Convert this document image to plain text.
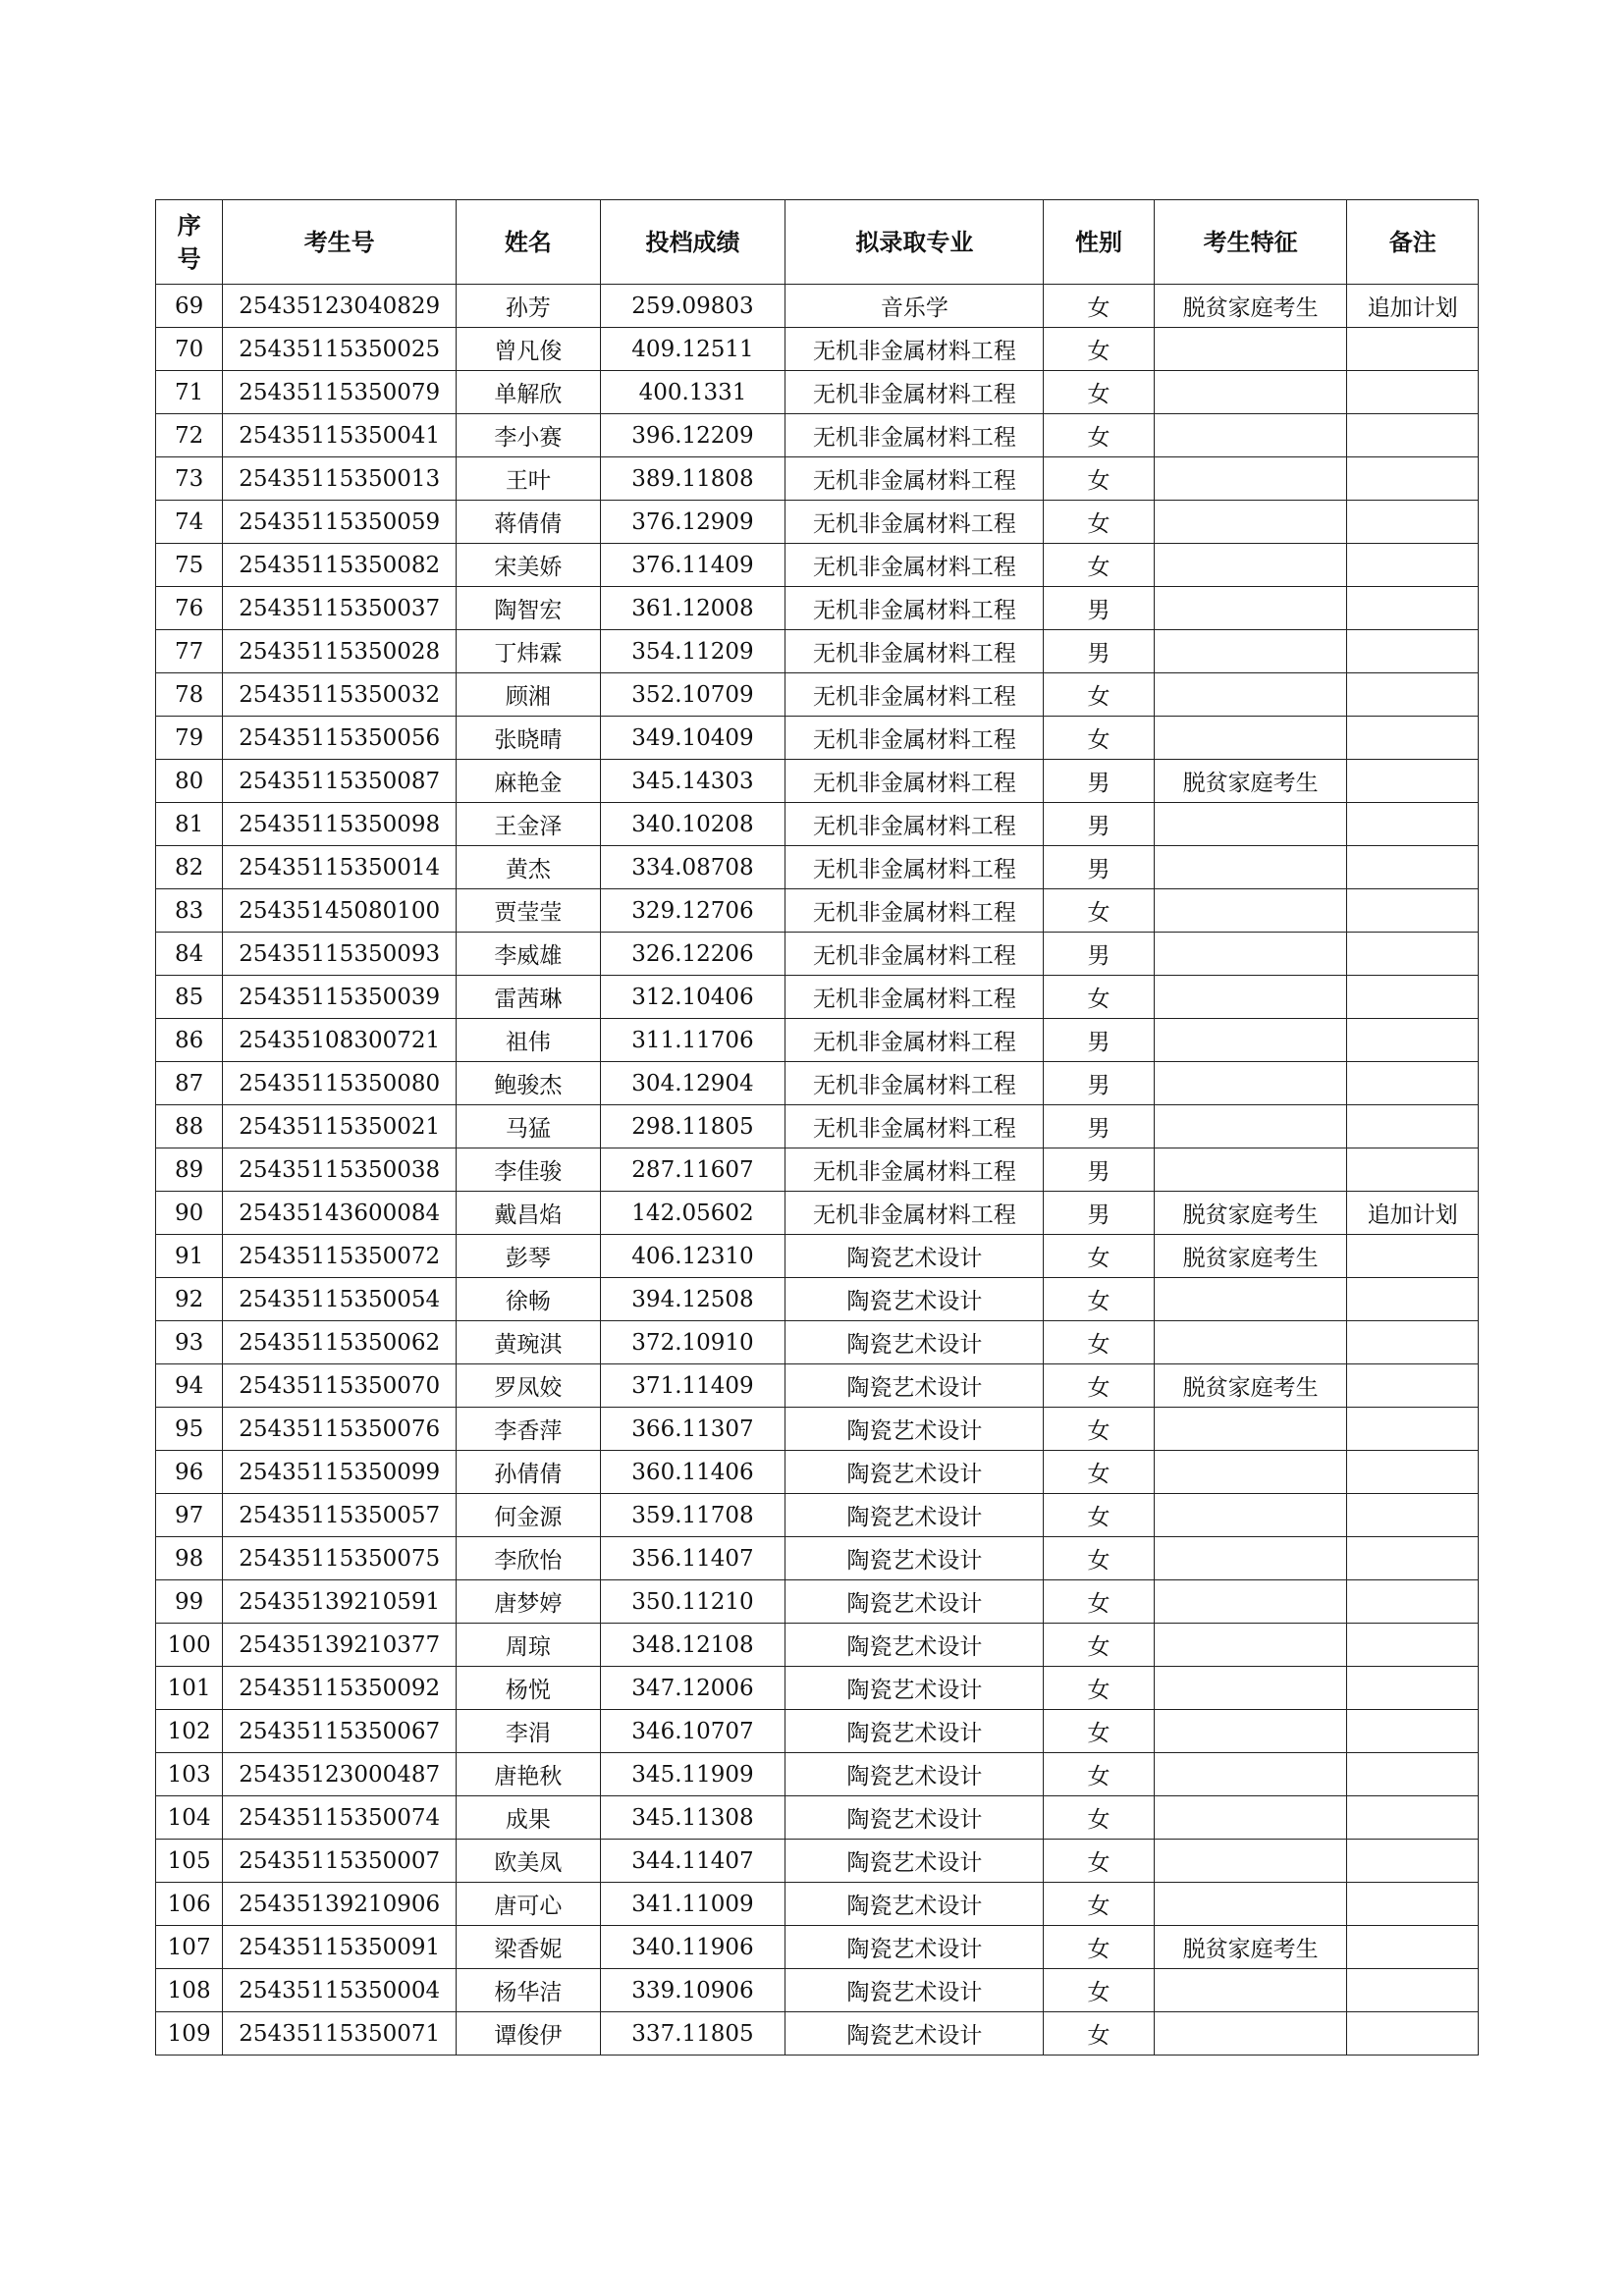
序
号	考生号	姓名	投档成绩	拟录取专业	性别	考生特征	备注
69	25435123040829	孙芳	259.09803	音乐学	女	脱贫家庭考生	追加计划
70	25435115350025	曾凡俊	409.12511	无机非金属材料工程	女		
71	25435115350079	单解欣	400.1331	无机非金属材料工程	女		
72	25435115350041	李小赛	396.12209	无机非金属材料工程	女		
73	25435115350013	王叶	389.11808	无机非金属材料工程	女		
74	25435115350059	蒋倩倩	376.12909	无机非金属材料工程	女		
75	25435115350082	宋美娇	376.11409	无机非金属材料工程	女		
76	25435115350037	陶智宏	361.12008	无机非金属材料工程	男		
77	25435115350028	丁炜霖	354.11209	无机非金属材料工程	男		
78	25435115350032	顾湘	352.10709	无机非金属材料工程	女		
79	25435115350056	张晓晴	349.10409	无机非金属材料工程	女		
80	25435115350087	麻艳金	345.14303	无机非金属材料工程	男	脱贫家庭考生	
81	25435115350098	王金泽	340.10208	无机非金属材料工程	男		
82	25435115350014	黄杰	334.08708	无机非金属材料工程	男		
83	25435145080100	贾莹莹	329.12706	无机非金属材料工程	女		
84	25435115350093	李威雄	326.12206	无机非金属材料工程	男		
85	25435115350039	雷茜琳	312.10406	无机非金属材料工程	女		
86	25435108300721	祖伟	311.11706	无机非金属材料工程	男		
87	25435115350080	鲍骏杰	304.12904	无机非金属材料工程	男		
88	25435115350021	马猛	298.11805	无机非金属材料工程	男		
89	25435115350038	李佳骏	287.11607	无机非金属材料工程	男		
90	25435143600084	戴昌焰	142.05602	无机非金属材料工程	男	脱贫家庭考生	追加计划
91	25435115350072	彭琴	406.12310	陶瓷艺术设计	女	脱贫家庭考生	
92	25435115350054	徐畅	394.12508	陶瓷艺术设计	女		
93	25435115350062	黄琬淇	372.10910	陶瓷艺术设计	女		
94	25435115350070	罗凤姣	371.11409	陶瓷艺术设计	女	脱贫家庭考生	
95	25435115350076	李香萍	366.11307	陶瓷艺术设计	女		
96	25435115350099	孙倩倩	360.11406	陶瓷艺术设计	女		
97	25435115350057	何金源	359.11708	陶瓷艺术设计	女		
98	25435115350075	李欣怡	356.11407	陶瓷艺术设计	女		
99	25435139210591	唐梦婷	350.11210	陶瓷艺术设计	女		
100	25435139210377	周琼	348.12108	陶瓷艺术设计	女		
101	25435115350092	杨悦	347.12006	陶瓷艺术设计	女		
102	25435115350067	李涓	346.10707	陶瓷艺术设计	女		
103	25435123000487	唐艳秋	345.11909	陶瓷艺术设计	女		
104	25435115350074	成果	345.11308	陶瓷艺术设计	女		
105	25435115350007	欧美凤	344.11407	陶瓷艺术设计	女		
106	25435139210906	唐可心	341.11009	陶瓷艺术设计	女		
107	25435115350091	梁香妮	340.11906	陶瓷艺术设计	女	脱贫家庭考生	
108	25435115350004	杨华洁	339.10906	陶瓷艺术设计	女		
109	25435115350071	谭俊伊	337.11805	陶瓷艺术设计	女		
